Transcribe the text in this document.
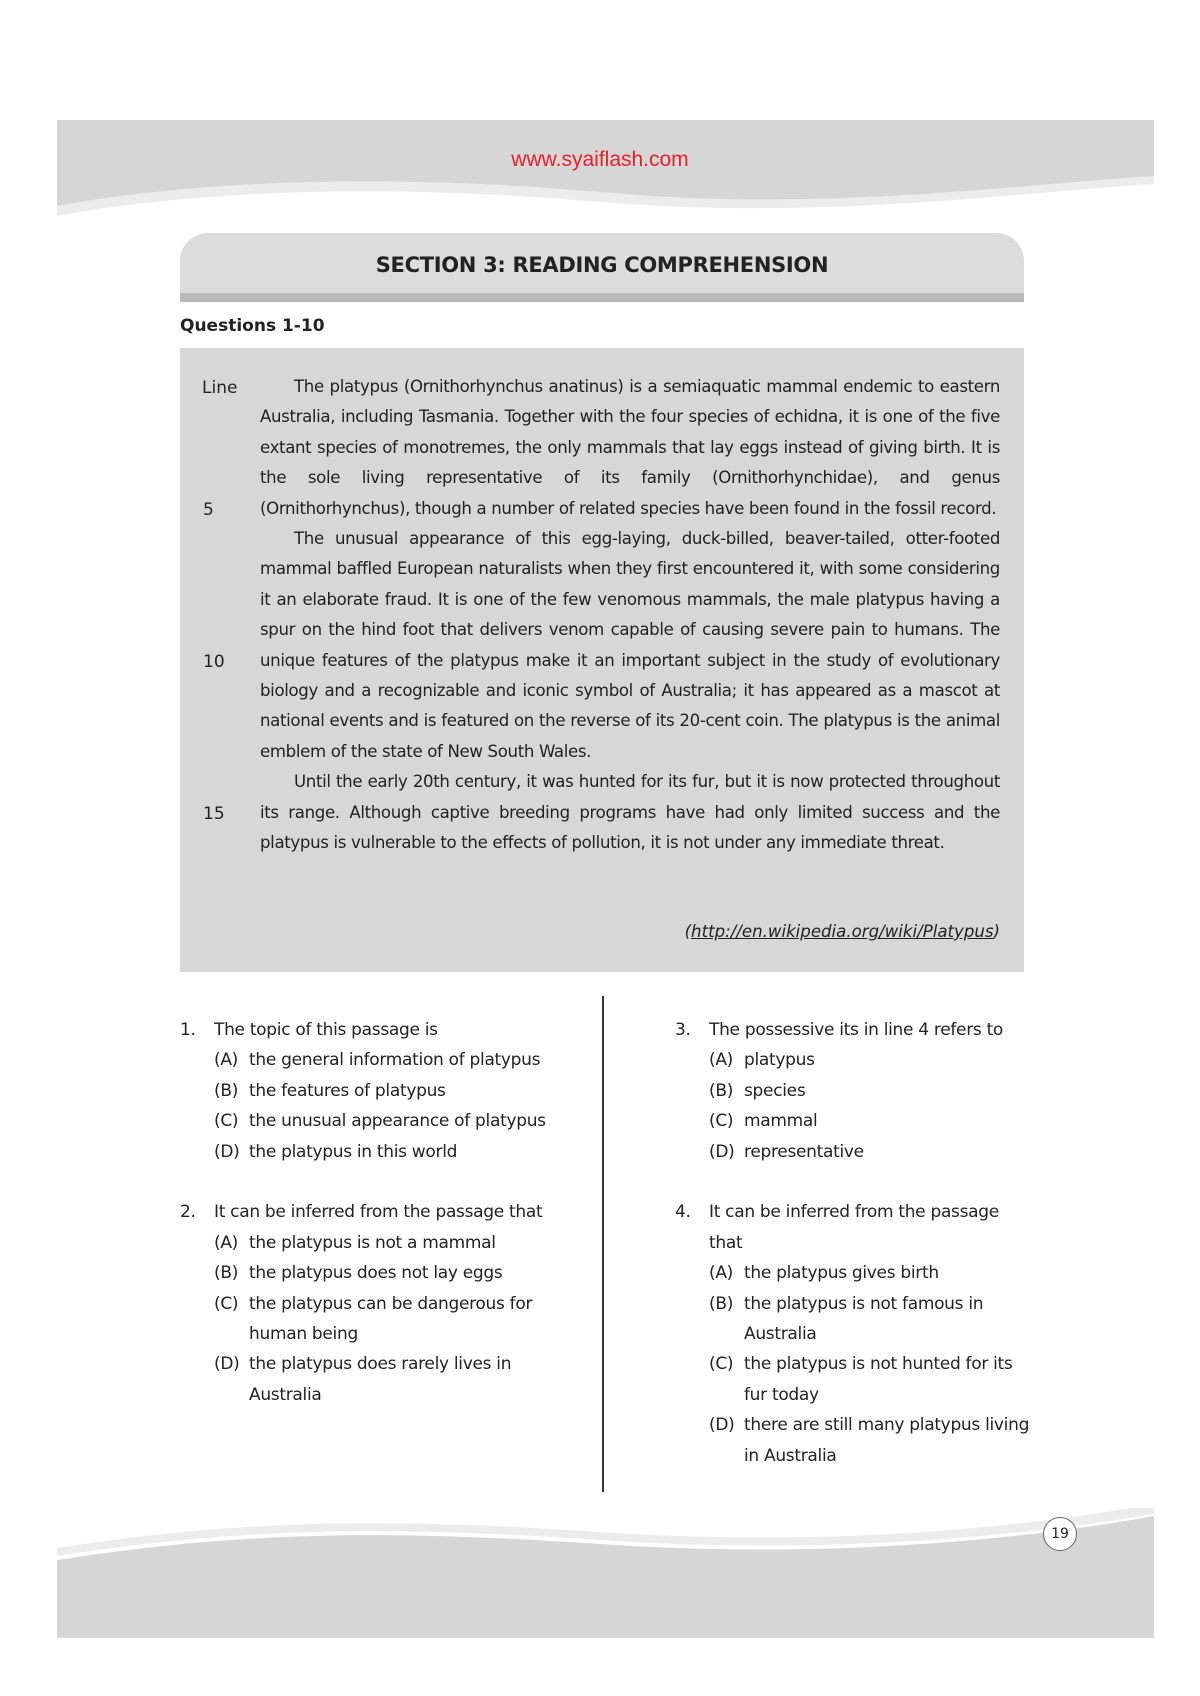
www.syaiflash.com
SECTION 3: READING COMPREHENSION
Questions 1-10
Line
5
10
15

The platypus (Ornithorhynchus anatinus) is a semiaquatic mammal endemic to eastern Australia, including Tasmania. Together with the four species of echidna, it is one of the five extant species of monotremes, the only mammals that lay eggs instead of giving birth. It is the sole living representative of its family (Ornithorhynchidae), and genus (Ornithorhynchus), though a number of related species have been found in the fossil record.

The unusual appearance of this egg-laying, duck-billed, beaver-tailed, otter-footed mammal baffled European naturalists when they first encountered it, with some considering it an elaborate fraud. It is one of the few venomous mammals, the male platypus having a spur on the hind foot that delivers venom capable of causing severe pain to humans. The unique features of the platypus make it an important subject in the study of evolutionary biology and a recognizable and iconic symbol of Australia; it has appeared as a mascot at national events and is featured on the reverse of its 20-cent coin. The platypus is the animal emblem of the state of New South Wales.

Until the early 20th century, it was hunted for its fur, but it is now protected throughout its range. Although captive breeding programs have had only limited success and the platypus is vulnerable to the effects of pollution, it is not under any immediate threat.

(http://en.wikipedia.org/wiki/Platypus)
1.	The topic of this passage is
(A) the general information of platypus
(B) the features of platypus
(C) the unusual appearance of platypus
(D) the platypus in this world
2.	It can be inferred from the passage that
(A) the platypus is not a mammal
(B) the platypus does not lay eggs
(C) the platypus can be dangerous for human being
(D) the platypus does rarely lives in Australia
3.	The possessive its in line 4 refers to
(A) platypus
(B) species
(C) mammal
(D) representative
4.	It can be inferred from the passage that
(A) the platypus gives birth
(B) the platypus is not famous in Australia
(C) the platypus is not hunted for its fur today
(D) there are still many platypus living in Australia
19
